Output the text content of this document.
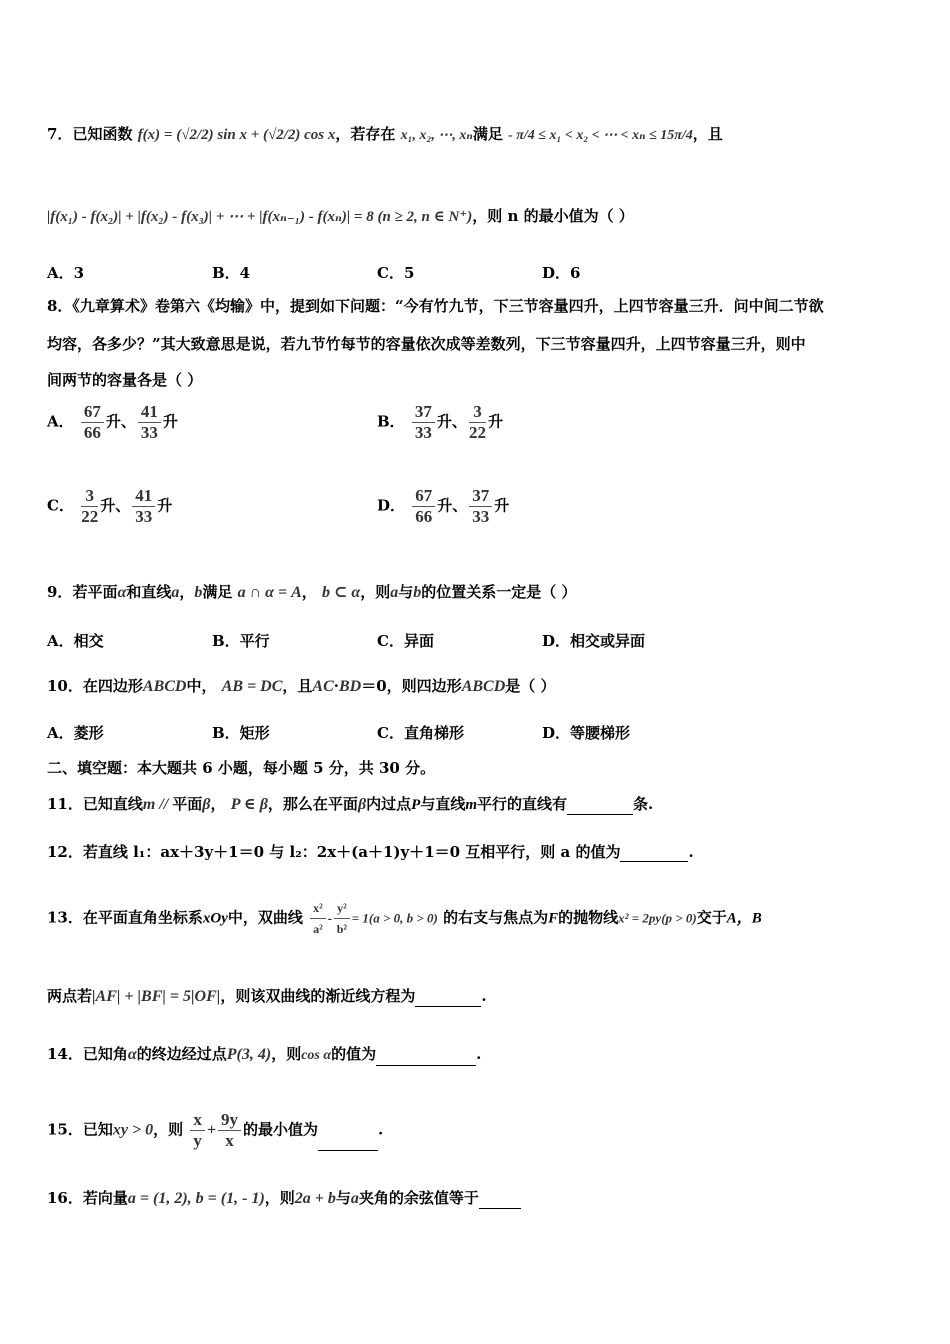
7．已知函数 f(x) = (√2/2) sin x + (√2/2) cos x，若存在 x₁, x₂, ⋯, xₙ满足 - π/4 ≤ x₁ < x₂ < ⋯ < xₙ ≤ 15π/4，且
|f(x₁) - f(x₂)| + |f(x₂) - f(x₃)| + ⋯ + |f(xₙ₋₁) - f(xₙ)| = 8 (n ≥ 2, n ∈ N⁺)，则 n 的最小值为（ ）
A．3	B．4	C．5	D．6
8．《九章算术》卷第六《均输》中，提到如下问题：“今有竹九节，下三节容量四升，上四节容量三升．问中间二节欲
均容，各多少？”其大致意思是说，若九节竹每节的容量依次成等差数列，下三节容量四升，上四节容量三升，则中
间两节的容量各是（ ）
A． $\frac{67}{66}$ 升、 $\frac{41}{33}$ 升	B． $\frac{37}{33}$ 升、 $\frac{3}{22}$ 升
C． $\frac{3}{22}$ 升、 $\frac{41}{33}$ 升	D． $\frac{67}{66}$ 升、 $\frac{37}{33}$ 升
9．若平面α和直线a，b满足 a ∩ α = A， b ⊂ α，则a与b的位置关系一定是（ ）
A．相交	B．平行	C．异面	D．相交或异面
10．在四边形ABCD中， AB = DC，且AC·BD＝0，则四边形ABCD是（ ）
A．菱形	B．矩形	C．直角梯形	D．等腰梯形
二、填空题：本大题共 6 小题，每小题 5 分，共 30 分。
11．已知直线m // 平面β， P ∈ β，那么在平面β内过点P与直线m平行的直线有	条.
12．若直线 l₁：ax＋3y＋1＝0 与 l₂：2x＋(a＋1)y＋1＝0 互相平行，则 a 的值为	.
13．在平面直角坐标系xOy中，双曲线 $\frac{\text{x²}}{\text{a²}} - \frac{\text{y²}}{\text{b²}} = 1(a > 0$, b > 0) 的右支与焦点为F的抛物线x² = 2py(p > 0)交于A，B
两点若|AF| + |BF| = 5|OF|，则该双曲线的渐近线方程为	.
14．已知角α的终边经过点P(3, 4)，则cos α的值为	.
15．已知xy > 0，则 $\frac{x}{y} + \frac{9y}{x}$ 的最小值为	.
16．若向量a = (1, 2), b = (1, - 1)，则2a + b与a夹角的余弦值等于
